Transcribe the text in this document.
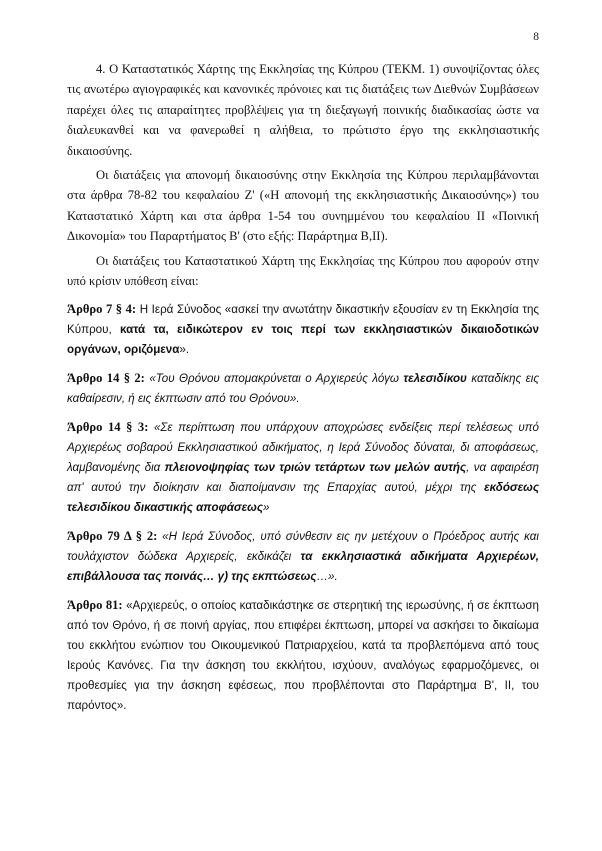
8

4. Ο Καταστατικός Χάρτης της Εκκλησίας της Κύπρου (ΤΕΚΜ. 1) συνοψίζοντας όλες τις ανωτέρω αγιογραφικές και κανονικές πρόνοιες και τις διατάξεις των Διεθνών Συμβάσεων παρέχει όλες τις απαραίτητες προβλέψεις για τη διεξαγωγή ποινικής διαδικασίας ώστε να διαλευκανθεί και να φανερωθεί η αλήθεια, το πρώτιστο έργο της εκκλησιαστικής δικαιοσύνης.

Οι διατάξεις για απονομή δικαιοσύνης στην Εκκλησία της Κύπρου περιλαμβάνονται στα άρθρα 78-82 του κεφαλαίου Ζ' («Η απονομή της εκκλησιαστικής Δικαιοσύνης») του Καταστατικό Χάρτη και στα άρθρα 1-54 του συνημμένου του κεφαλαίου ΙΙ «Ποινική Δικονομία» του Παραρτήματος Β' (στο εξής: Παράρτημα Β,ΙΙ).

Οι διατάξεις του Καταστατικού Χάρτη της Εκκλησίας της Κύπρου που αφορούν στην υπό κρίσιν υπόθεση είναι:

Άρθρο 7 § 4: Η Ιερά Σύνοδος «ασκεί την ανωτάτην δικαστικήν εξουσίαν εν τη Εκκλησία της Κύπρου, κατά τα, ειδικώτερον εν τοις περί των εκκλησιαστικών δικαιοδοτικών οργάνων, οριζόμενα».

Άρθρο 14 § 2: «Του Θρόνου απομακρύνεται ο Αρχιερεύς λόγω τελεσιδίκου καταδίκης εις καθαίρεσιν, ή εις έκπτωσιν από του Θρόνου».

Άρθρο 14 § 3: «Σε περίπτωση που υπάρχουν αποχρώσες ενδείξεις περί τελέσεως υπό Αρχιερέως σοβαρού Εκκλησιαστικού αδικήματος, η Ιερά Σύνοδος δύναται, δι αποφάσεως, λαμβανομένης δια πλειονοψηφίας των τριών τετάρτων των μελών αυτής, να αφαιρέση απ' αυτού την διοίκησιν και διαποίμανσιν της Επαρχίας αυτού, μέχρι της εκδόσεως τελεσιδίκου δικαστικής αποφάσεως»

Άρθρο 79 Δ § 2: «Η Ιερά Σύνοδος, υπό σύνθεσιν εις ην μετέχουν ο Πρόεδρος αυτής και τουλάχιστον δώδεκα Αρχιερείς, εκδικάζει τα εκκλησιαστικά αδικήματα Αρχιερέων, επιβάλλουσα τας ποινάς… γ) της εκπτώσεως…».

Άρθρο 81: «Αρχιερεύς, ο οποίος καταδικάστηκε σε στερητική της ιερωσύνης, ή σε έκπτωση από τον Θρόνο, ή σε ποινή αργίας, που επιφέρει έκπτωση, μπορεί να ασκήσει το δικαίωμα του εκκλήτου ενώπιον του Οικουμενικού Πατριαρχείου, κατά τα προβλεπόμενα από τους Ιερούς Κανόνες. Για την άσκηση του εκκλήτου, ισχύουν, αναλόγως εφαρμοζόμενες, οι προθεσμίες για την άσκηση εφέσεως, που προβλέπονται στο Παράρτημα Β', ΙΙ, του παρόντος».
